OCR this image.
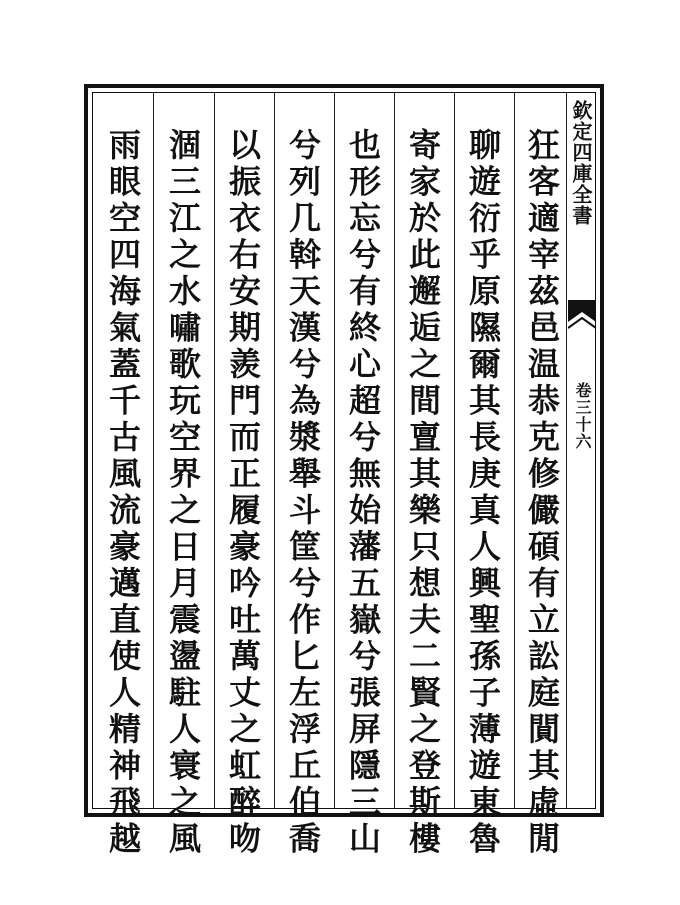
欽定四庫全書
卷三十六
狂客適宰茲邑温恭克修儼碩有立訟庭閴其虛閒
聊遊衍乎原隰爾其長庚真人興聖孫子薄遊東魯
寄家於此邂逅之間亶其樂只想夫二賢之登斯樓
也形忘兮有終心超兮無始藩五嶽兮張屏隱三山
兮列几斡天漢兮為漿舉斗筐兮作匕左浮丘伯喬
以振衣右安期羨門而正履豪吟吐萬丈之虹醉吻
涸三江之水嘯歌玩空界之日月震盪駐人寰之風
雨眼空四海氣蓋千古風流豪邁直使人精神飛越
